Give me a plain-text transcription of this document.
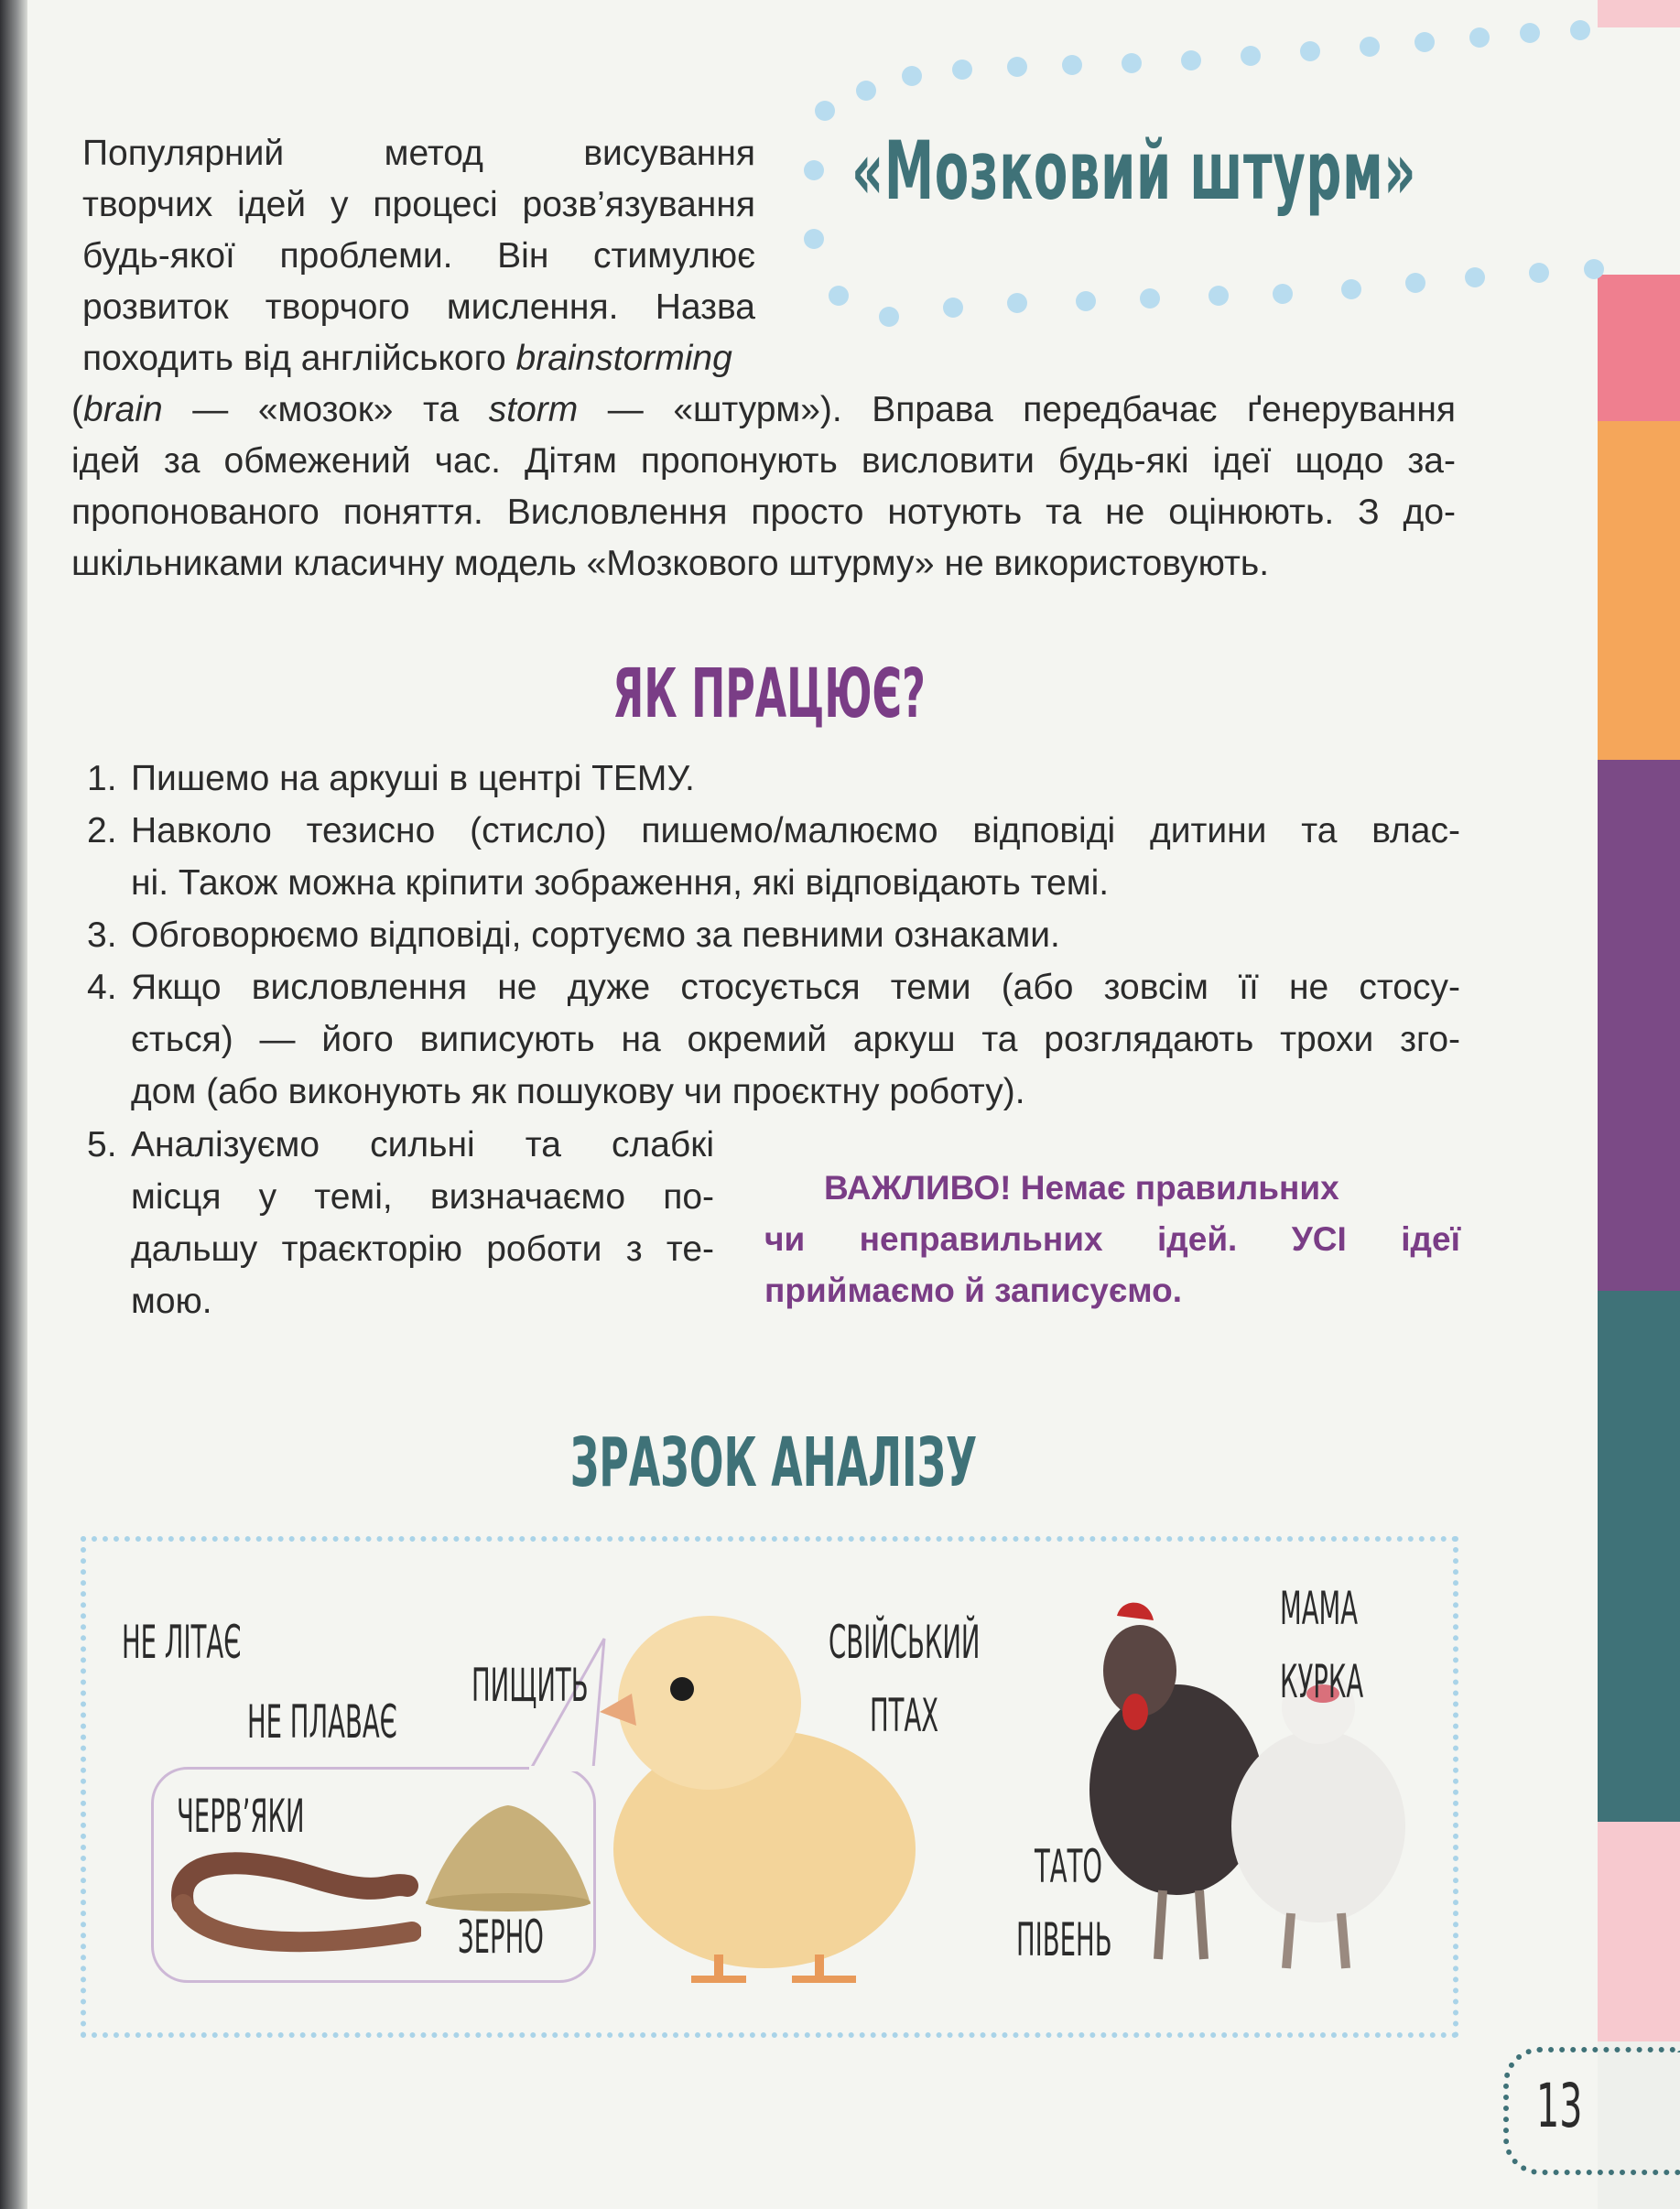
«Мозковий штурм»
Популярний метод висування
творчих ідей у процесі розв’язування
будь-якої проблеми. Він стимулює
розвиток творчого мислення. Назва
походить від англійського brainstorming
(brain — «мозок» та storm — «штурм»). Вправа передбачає ґенерування
ідей за обмежений час. Дітям пропонують висловити будь-які ідеї щодо за-
пропонованого поняття. Висловлення просто нотують та не оцінюють. З до-
шкільниками класичну модель «Мозкового штурму» не використовують.
ЯК ПРАЦЮЄ?
1. Пишемо на аркуші в центрі ТЕМУ.
2. Навколо тезисно (стисло) пишемо/малюємо відповіді дитини та влас-
ні. Також можна кріпити зображення, які відповідають темі.
3. Обговорюємо відповіді, сортуємо за певними ознаками.
4. Якщо висловлення не дуже стосується теми (або зовсім її не стосу-
ється) — його виписують на окремий аркуш та розглядають трохи зго-
дом (або виконують як пошукову чи проєктну роботу).
5. Аналізуємо сильні та слабкі
місця у темі, визначаємо по-
дальшу траєкторію роботи з те-
мою.
ВАЖЛИВО! Немає правильних
чи неправильних ідей. УСІ ідеї
приймаємо й записуємо.
ЗРАЗОК АНАЛІЗУ
НЕ ЛІТАЄ
НЕ ПЛАВАЄ
ПИЩИТЬ
ЧЕРВ’ЯКИ
ЗЕРНО
СВІЙСЬКИЙ
ПТАХ
МАМА
КУРКА
ТАТО
ПІВЕНЬ
13
